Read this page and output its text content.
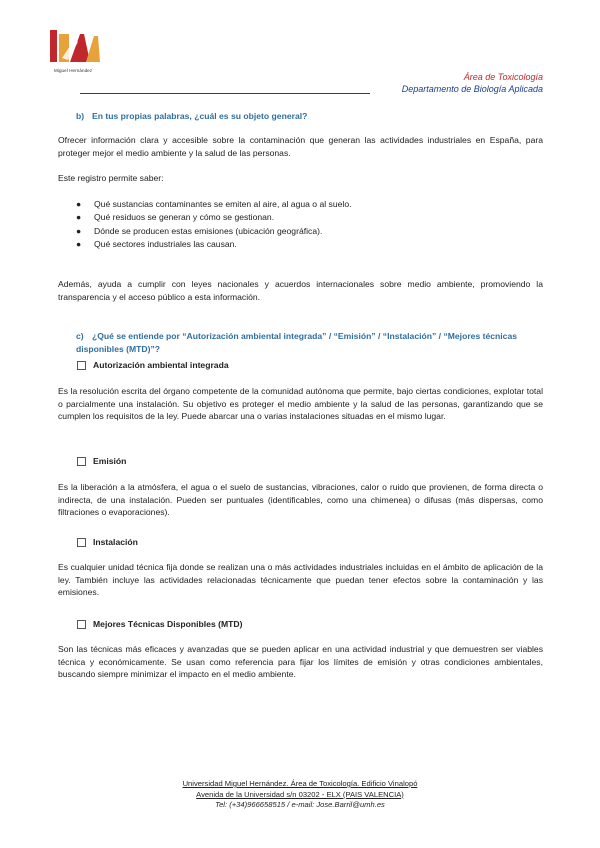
Miguel Hernández
Área de Toxicología
Departamento de Biología Aplicada
b) En tus propias palabras, ¿cuál es su objeto general?
Ofrecer información clara y accesible sobre la contaminación que generan las actividades industriales en España, para proteger mejor el medio ambiente y la salud de las personas.
Este registro permite saber:
● Qué sustancias contaminantes se emiten al aire, al agua o al suelo.
● Qué residuos se generan y cómo se gestionan.
● Dónde se producen estas emisiones (ubicación geográfica).
● Qué sectores industriales las causan.
Además, ayuda a cumplir con leyes nacionales y acuerdos internacionales sobre medio ambiente, promoviendo la transparencia y el acceso público a esta información.
c) ¿Qué se entiende por “Autorización ambiental integrada” / “Emisión” / “Instalación” / “Mejores técnicas disponibles (MTD)”?
Autorización ambiental integrada
Es la resolución escrita del órgano competente de la comunidad autónoma que permite, bajo ciertas condiciones, explotar total o parcialmente una instalación. Su objetivo es proteger el medio ambiente y la salud de las personas, garantizando que se cumplen los requisitos de la ley. Puede abarcar una o varias instalaciones situadas en el mismo lugar.
Emisión
Es la liberación a la atmósfera, el agua o el suelo de sustancias, vibraciones, calor o ruido que provienen, de forma directa o indirecta, de una instalación. Pueden ser puntuales (identificables, como una chimenea) o difusas (más dispersas, como filtraciones o evaporaciones).
Instalación
Es cualquier unidad técnica fija donde se realizan una o más actividades industriales incluidas en el ámbito de aplicación de la ley. También incluye las actividades relacionadas técnicamente que puedan tener efectos sobre la contaminación y las emisiones.
Mejores Técnicas Disponibles (MTD)
Son las técnicas más eficaces y avanzadas que se pueden aplicar en una actividad industrial y que demuestren ser viables técnica y económicamente. Se usan como referencia para fijar los límites de emisión y otras condiciones ambientales, buscando siempre minimizar el impacto en el medio ambiente.
Universidad Miguel Hernández. Área de Toxicología. Edificio Vinalopó
Avenida de la Universidad s/n 03202 - ELX (PAIS VALENCIA)
Tel: (+34)966658515 / e-mail: Jose.Barril@umh.es
